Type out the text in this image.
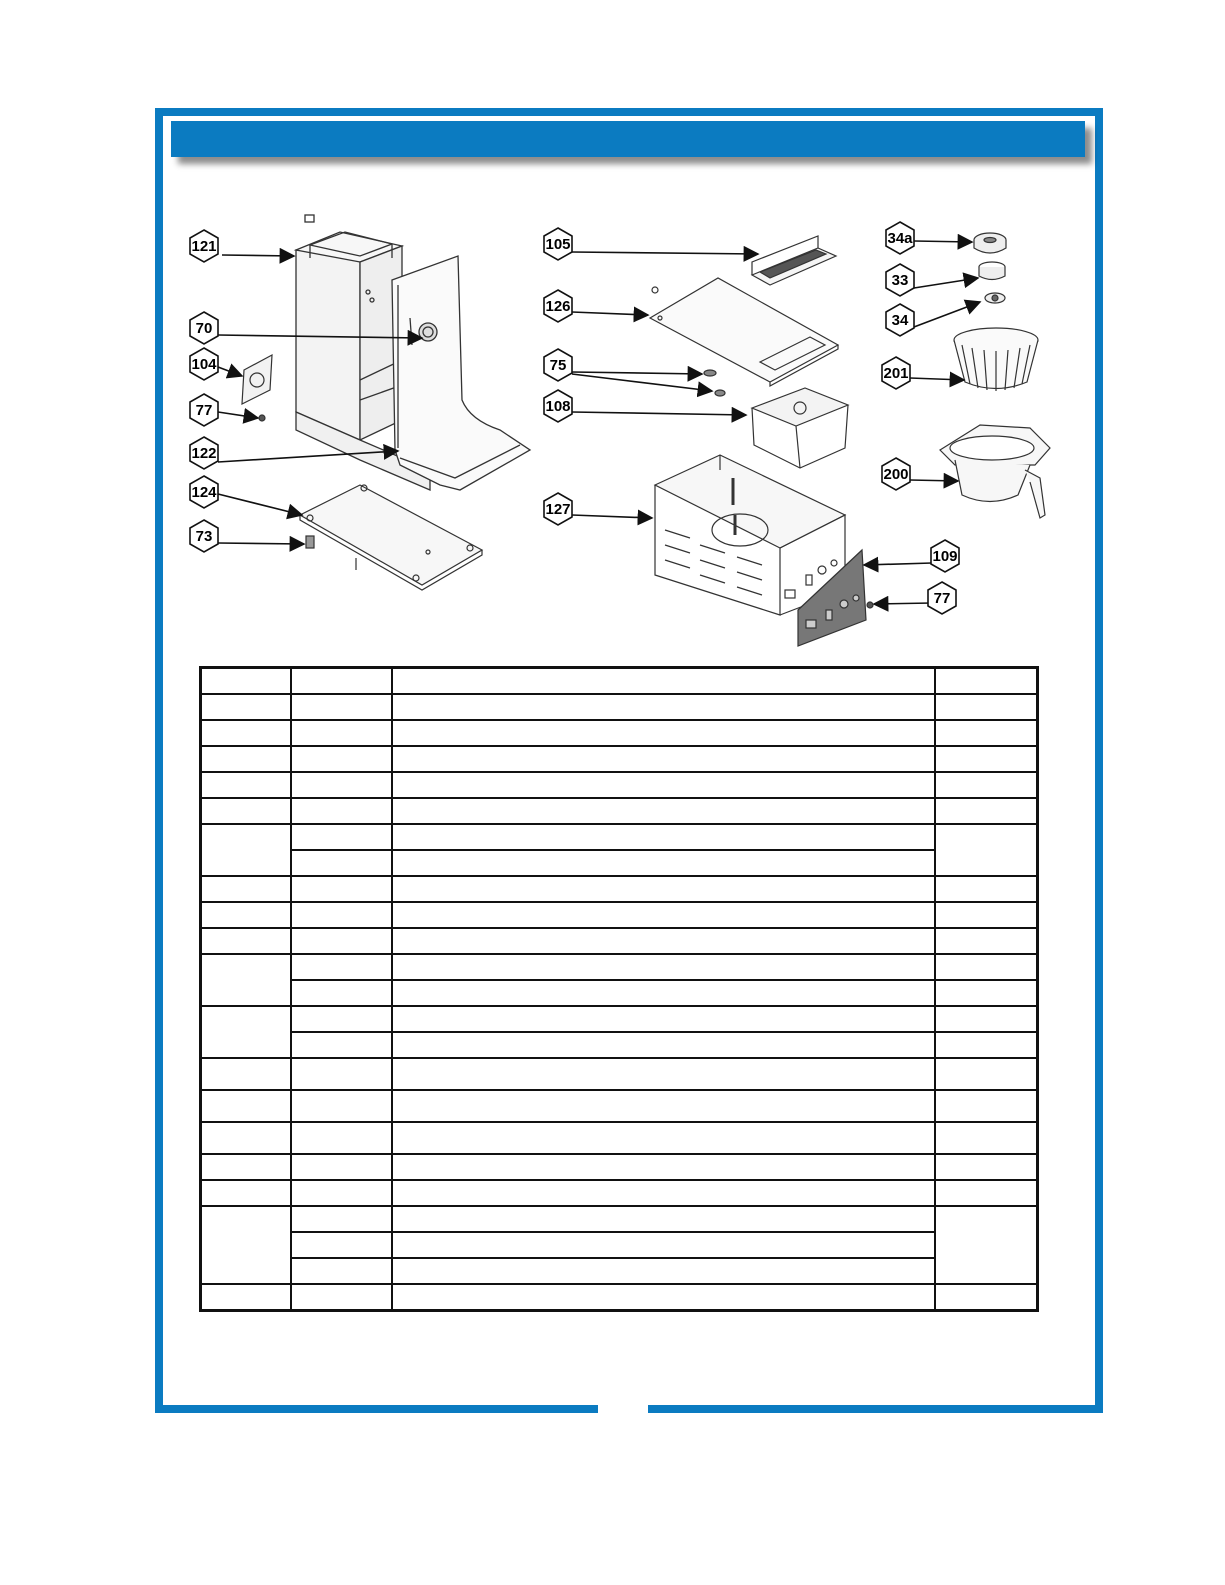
121
70
104
77
122
124
73
105
126
75
108
127
34a
33
34
201
200
109
77
